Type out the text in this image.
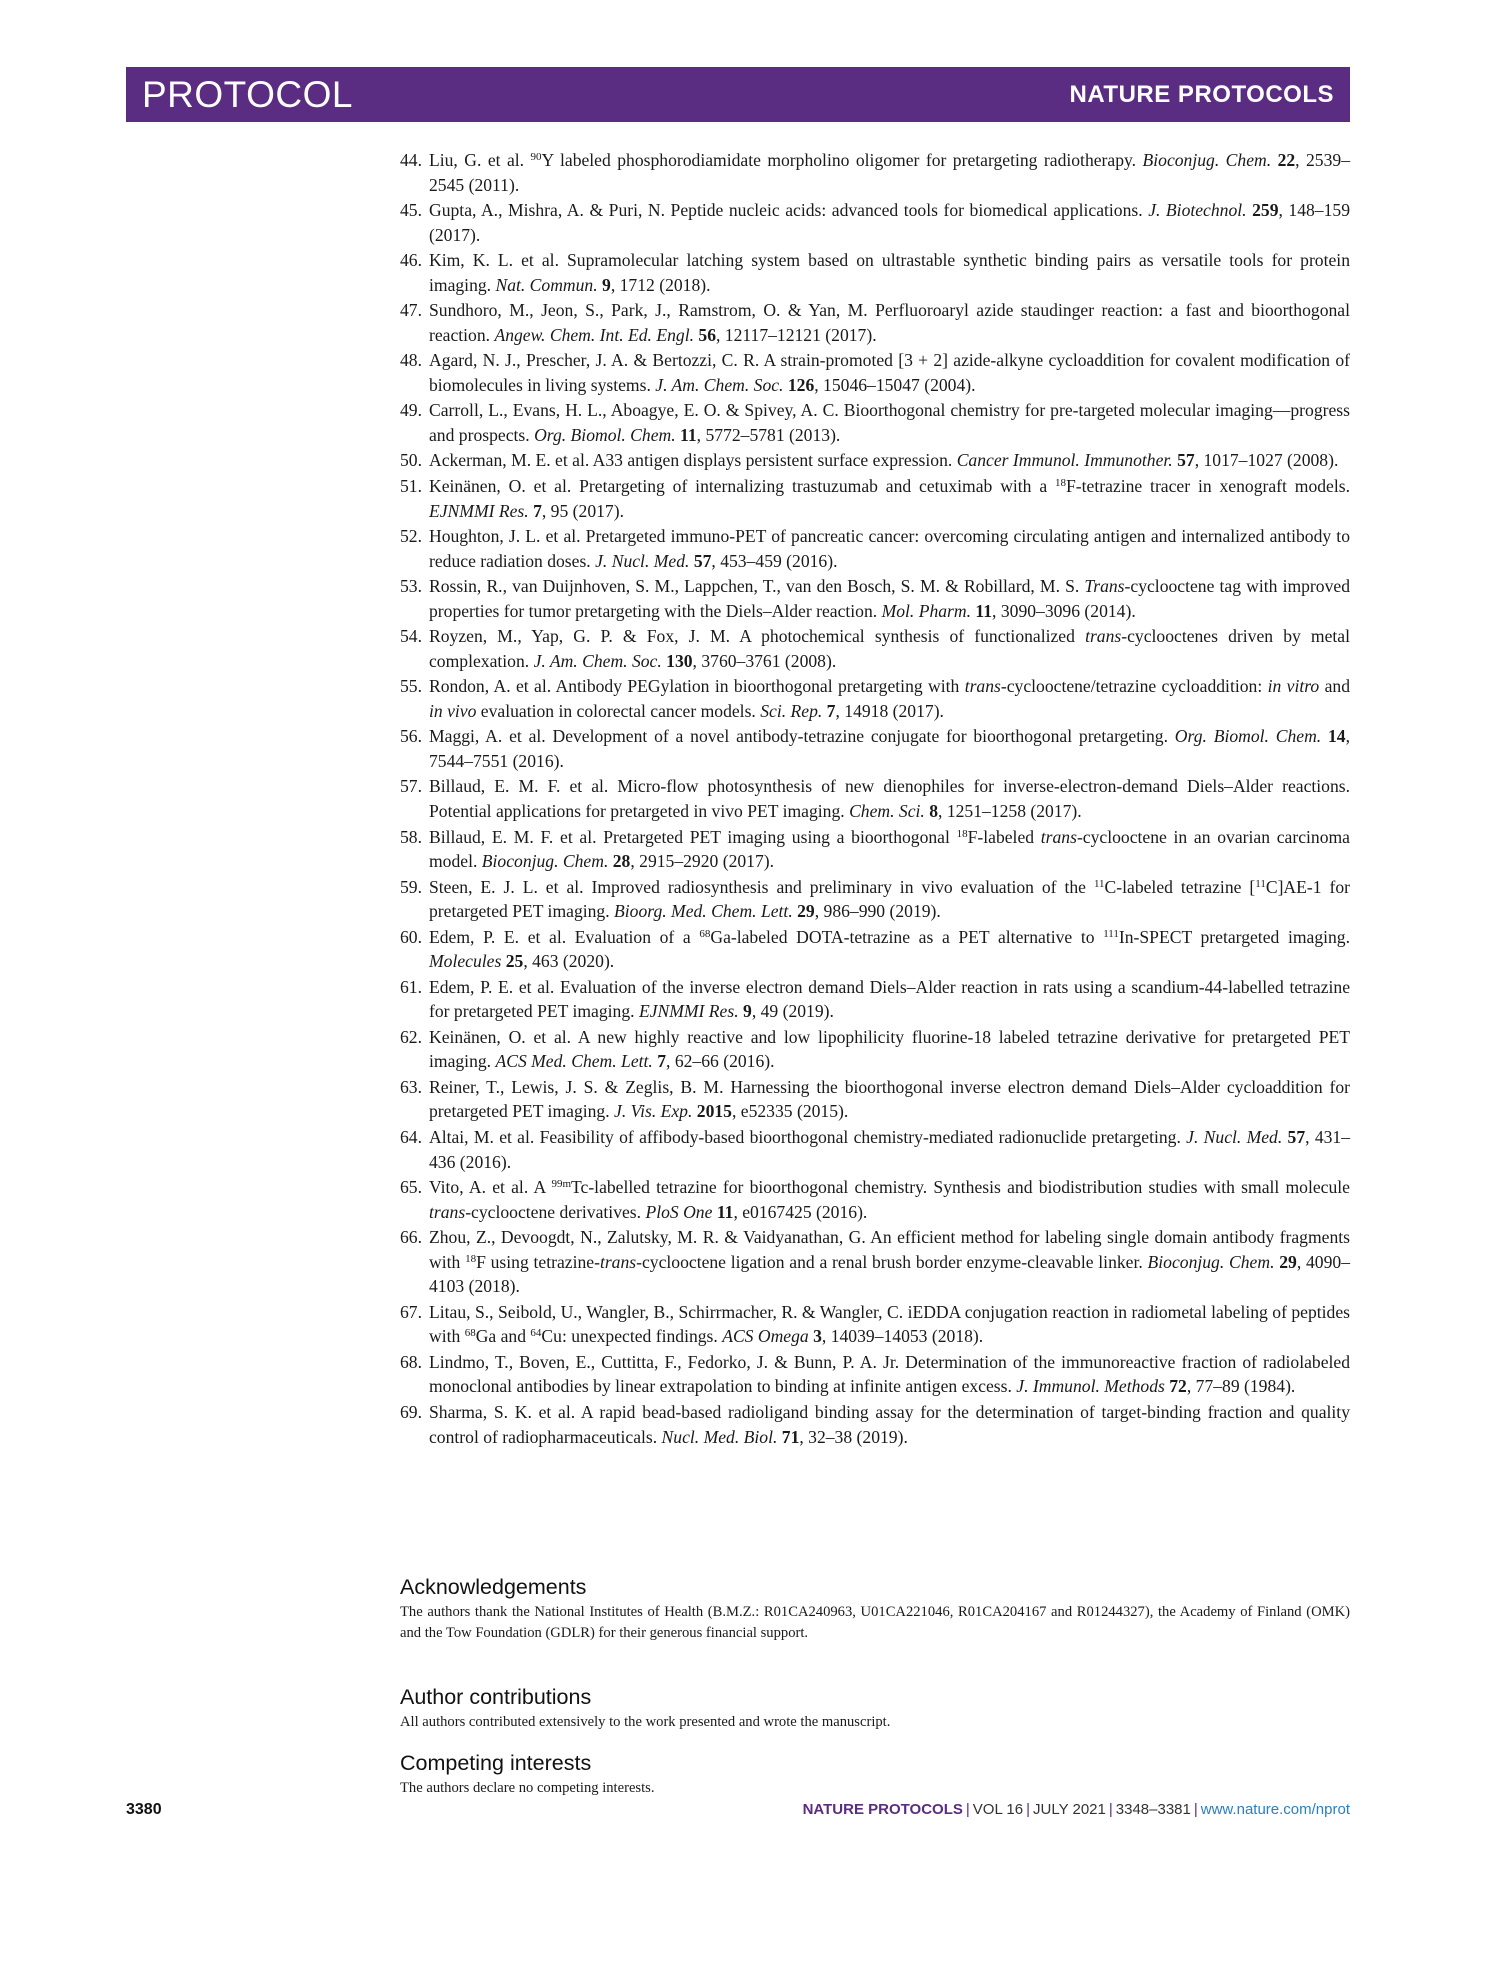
PROTOCOL	NATURE PROTOCOLS
44. Liu, G. et al. $^{90}$Y labeled phosphorodiamidate morpholino oligomer for pretargeting radiotherapy. Bioconjug. Chem. 22, 2539–2545 (2011).
45. Gupta, A., Mishra, A. & Puri, N. Peptide nucleic acids: advanced tools for biomedical applications. J. Biotechnol. 259, 148–159 (2017).
46. Kim, K. L. et al. Supramolecular latching system based on ultrastable synthetic binding pairs as versatile tools for protein imaging. Nat. Commun. 9, 1712 (2018).
47. Sundhoro, M., Jeon, S., Park, J., Ramstrom, O. & Yan, M. Perfluoroaryl azide staudinger reaction: a fast and bioorthogonal reaction. Angew. Chem. Int. Ed. Engl. 56, 12117–12121 (2017).
48. Agard, N. J., Prescher, J. A. & Bertozzi, C. R. A strain-promoted [3 + 2] azide-alkyne cycloaddition for covalent modification of biomolecules in living systems. J. Am. Chem. Soc. 126, 15046–15047 (2004).
49. Carroll, L., Evans, H. L., Aboagye, E. O. & Spivey, A. C. Bioorthogonal chemistry for pre-targeted molecular imaging—progress and prospects. Org. Biomol. Chem. 11, 5772–5781 (2013).
50. Ackerman, M. E. et al. A33 antigen displays persistent surface expression. Cancer Immunol. Immunother. 57, 1017–1027 (2008).
51. Keinänen, O. et al. Pretargeting of internalizing trastuzumab and cetuximab with a $^{18}$F-tetrazine tracer in xenograft models. EJNMMI Res. 7, 95 (2017).
52. Houghton, J. L. et al. Pretargeted immuno-PET of pancreatic cancer: overcoming circulating antigen and internalized antibody to reduce radiation doses. J. Nucl. Med. 57, 453–459 (2016).
53. Rossin, R., van Duijnhoven, S. M., Lappchen, T., van den Bosch, S. M. & Robillard, M. S. Trans-cyclooctene tag with improved properties for tumor pretargeting with the Diels–Alder reaction. Mol. Pharm. 11, 3090–3096 (2014).
54. Royzen, M., Yap, G. P. & Fox, J. M. A photochemical synthesis of functionalized trans-cyclooctenes driven by metal complexation. J. Am. Chem. Soc. 130, 3760–3761 (2008).
55. Rondon, A. et al. Antibody PEGylation in bioorthogonal pretargeting with trans-cyclooctene/tetrazine cycloaddition: in vitro and in vivo evaluation in colorectal cancer models. Sci. Rep. 7, 14918 (2017).
56. Maggi, A. et al. Development of a novel antibody-tetrazine conjugate for bioorthogonal pretargeting. Org. Biomol. Chem. 14, 7544–7551 (2016).
57. Billaud, E. M. F. et al. Micro-flow photosynthesis of new dienophiles for inverse-electron-demand Diels–Alder reactions. Potential applications for pretargeted in vivo PET imaging. Chem. Sci. 8, 1251–1258 (2017).
58. Billaud, E. M. F. et al. Pretargeted PET imaging using a bioorthogonal $^{18}$F-labeled trans-cyclooctene in an ovarian carcinoma model. Bioconjug. Chem. 28, 2915–2920 (2017).
59. Steen, E. J. L. et al. Improved radiosynthesis and preliminary in vivo evaluation of the $^{11}$C-labeled tetrazine [$^{11}$C]AE-1 for pretargeted PET imaging. Bioorg. Med. Chem. Lett. 29, 986–990 (2019).
60. Edem, P. E. et al. Evaluation of a $^{68}$Ga-labeled DOTA-tetrazine as a PET alternative to $^{111}$In-SPECT pretargeted imaging. Molecules 25, 463 (2020).
61. Edem, P. E. et al. Evaluation of the inverse electron demand Diels–Alder reaction in rats using a scandium-44-labelled tetrazine for pretargeted PET imaging. EJNMMI Res. 9, 49 (2019).
62. Keinänen, O. et al. A new highly reactive and low lipophilicity fluorine-18 labeled tetrazine derivative for pretargeted PET imaging. ACS Med. Chem. Lett. 7, 62–66 (2016).
63. Reiner, T., Lewis, J. S. & Zeglis, B. M. Harnessing the bioorthogonal inverse electron demand Diels–Alder cycloaddition for pretargeted PET imaging. J. Vis. Exp. 2015, e52335 (2015).
64. Altai, M. et al. Feasibility of affibody-based bioorthogonal chemistry-mediated radionuclide pretargeting. J. Nucl. Med. 57, 431–436 (2016).
65. Vito, A. et al. A $^{99m}$Tc-labelled tetrazine for bioorthogonal chemistry. Synthesis and biodistribution studies with small molecule trans-cyclooctene derivatives. PloS One 11, e0167425 (2016).
66. Zhou, Z., Devoogdt, N., Zalutsky, M. R. & Vaidyanathan, G. An efficient method for labeling single domain antibody fragments with $^{18}$F using tetrazine-trans-cyclooctene ligation and a renal brush border enzyme-cleavable linker. Bioconjug. Chem. 29, 4090–4103 (2018).
67. Litau, S., Seibold, U., Wangler, B., Schirrmacher, R. & Wangler, C. iEDDA conjugation reaction in radiometal labeling of peptides with $^{68}$Ga and $^{64}$Cu: unexpected findings. ACS Omega 3, 14039–14053 (2018).
68. Lindmo, T., Boven, E., Cuttitta, F., Fedorko, J. & Bunn, P. A. Jr. Determination of the immunoreactive fraction of radiolabeled monoclonal antibodies by linear extrapolation to binding at infinite antigen excess. J. Immunol. Methods 72, 77–89 (1984).
69. Sharma, S. K. et al. A rapid bead-based radioligand binding assay for the determination of target-binding fraction and quality control of radiopharmaceuticals. Nucl. Med. Biol. 71, 32–38 (2019).
Acknowledgements

The authors thank the National Institutes of Health (B.M.Z.: R01CA240963, U01CA221046, R01CA204167 and R01244327), the Academy of Finland (OMK) and the Tow Foundation (GDLR) for their generous financial support.

Author contributions

All authors contributed extensively to the work presented and wrote the manuscript.

Competing interests

The authors declare no competing interests.

3380	NATURE PROTOCOLS | VOL 16 | JULY 2021 | 3348–3381 | www.nature.com/nprot
